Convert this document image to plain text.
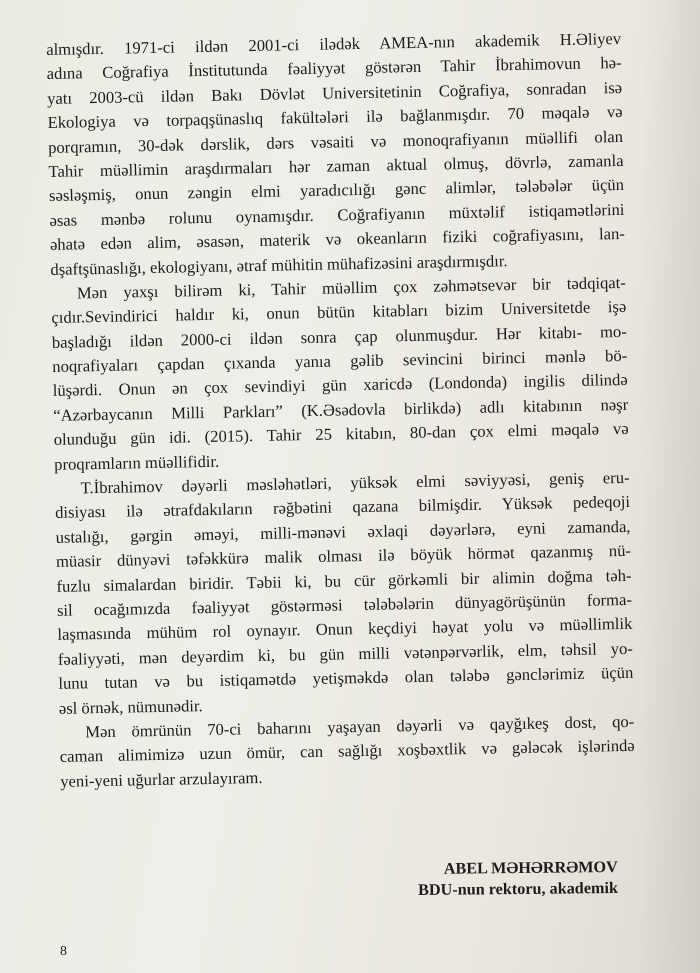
almışdır. 1971-ci ildən 2001-ci ilədək AMEA-nın akademik H.Əliyev
adına Coğrafiya İnstitutunda fəaliyyət göstərən Tahir İbrahimovun hə-
yatı 2003-cü ildən Bakı Dövlət Universitetinin Coğrafiya, sonradan isə
Ekologiya və torpaqşünaslıq fakültələri ilə bağlanmışdır. 70 məqalə və
porqramın, 30-dək dərslik, dərs vəsaiti və monoqrafiyanın müəllifi olan
Tahir müəllimin araşdırmaları hər zaman aktual olmuş, dövrlə, zamanla
səsləşmiş, onun zəngin elmi yaradıcılığı gənc alimlər, tələbələr üçün
əsas mənbə rolunu oynamışdır. Coğrafiyanın müxtəlif istiqamətlərini
əhatə edən alim, əsasən, materik və okeanların fiziki coğrafiyasını, lan-
dşaftşünaslığı, ekologiyanı, ətraf mühitin mühafizəsini araşdırmışdır.
Mən yaxşı bilirəm ki, Tahir müəllim çox zəhmətsevər bir tədqiqat-
çıdır.Sevindirici haldır ki, onun bütün kitabları bizim Universitetde işə
başladığı ildən 2000-ci ildən sonra çap olunmuşdur. Hər kitabı- mo-
noqrafiyaları çapdan çıxanda yanıa gəlib sevincini birinci mənlə bö-
lüşərdi. Onun ən çox sevindiyi gün xaricdə (Londonda) ingilis dilində
“Azərbaycanın Milli Parkları” (K.Əsədovla birlikdə) adlı kitabının nəşr
olunduğu gün idi. (2015). Tahir 25 kitabın, 80-dan çox elmi məqalə və
proqramların müəllifidir.
T.İbrahimov dəyərli məsləhətləri, yüksək elmi səviyyəsi, geniş eru-
disiyası ilə ətrafdakıların rəğbətini qazana bilmişdir. Yüksək pedeqoji
ustalığı, gərgin əməyi, milli-mənəvi əxlaqi dəyərlərə, eyni zamanda,
müasir dünyəvi təfəkkürə malik olması ilə böyük hörmət qazanmış nü-
fuzlu simalardan biridir. Təbii ki, bu cür görkəmli bir alimin doğma təh-
sil ocağımızda fəaliyyət göstərməsi tələbələrin dünyagörüşünün forma-
laşmasında mühüm rol oynayır. Onun keçdiyi həyat yolu və müəllimlik
fəaliyyəti, mən deyərdim ki, bu gün milli vətənpərvərlik, elm, təhsil yo-
lunu tutan və bu istiqamətdə yetişməkdə olan tələbə gənclərimiz üçün
əsl örnək, nümunədir.
Mən ömrünün 70-ci baharını yaşayan dəyərli və qayğıkeş dost, qo-
caman alimimizə uzun ömür, can sağlığı xoşbəxtlik və gələcək işlərində
yeni-yeni uğurlar arzulayıram.
ABEL MƏHƏRRƏMOV
BDU-nun rektoru, akademik
8
